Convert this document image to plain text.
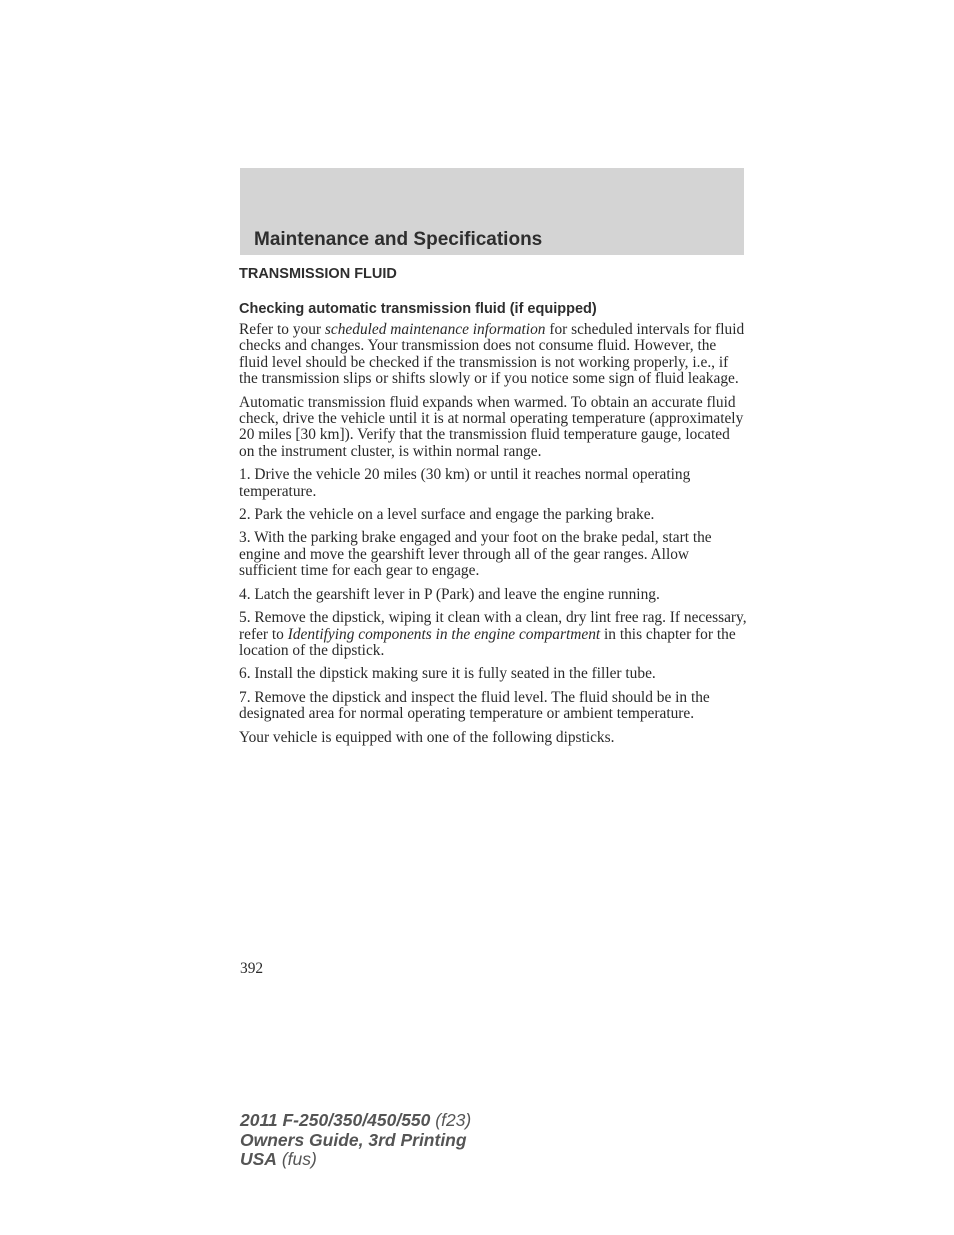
Maintenance and Specifications
TRANSMISSION FLUID
Checking automatic transmission fluid (if equipped)

Refer to your scheduled maintenance information for scheduled intervals for fluid checks and changes. Your transmission does not consume fluid. However, the fluid level should be checked if the transmission is not working properly, i.e., if the transmission slips or shifts slowly or if you notice some sign of fluid leakage.

Automatic transmission fluid expands when warmed. To obtain an accurate fluid check, drive the vehicle until it is at normal operating temperature (approximately 20 miles [30 km]). Verify that the transmission fluid temperature gauge, located on the instrument cluster, is within normal range.

1. Drive the vehicle 20 miles (30 km) or until it reaches normal operating temperature.

2. Park the vehicle on a level surface and engage the parking brake.

3. With the parking brake engaged and your foot on the brake pedal, start the engine and move the gearshift lever through all of the gear ranges. Allow sufficient time for each gear to engage.

4. Latch the gearshift lever in P (Park) and leave the engine running.

5. Remove the dipstick, wiping it clean with a clean, dry lint free rag. If necessary, refer to Identifying components in the engine compartment in this chapter for the location of the dipstick.

6. Install the dipstick making sure it is fully seated in the filler tube.

7. Remove the dipstick and inspect the fluid level. The fluid should be in the designated area for normal operating temperature or ambient temperature.

Your vehicle is equipped with one of the following dipsticks.

392
2011 F-250/350/450/550 (f23)
Owners Guide, 3rd Printing
USA (fus)
